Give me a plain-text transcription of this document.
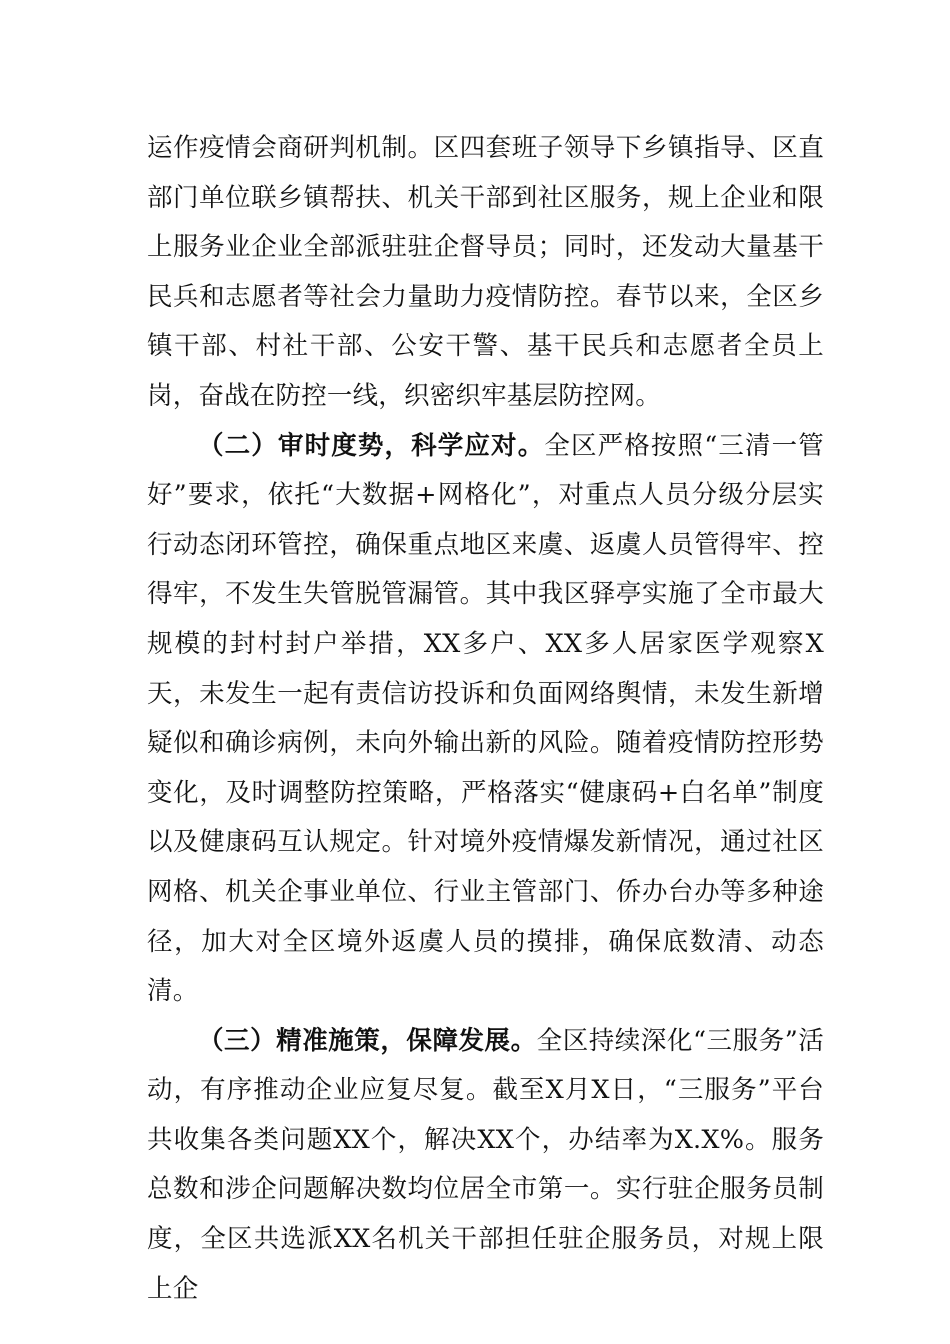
运作疫情会商研判机制。区四套班子领导下乡镇指导、区直部门单位联乡镇帮扶、机关干部到社区服务，规上企业和限上服务业企业全部派驻驻企督导员；同时，还发动大量基干民兵和志愿者等社会力量助力疫情防控。春节以来，全区乡镇干部、村社干部、公安干警、基干民兵和志愿者全员上岗，奋战在防控一线，织密织牢基层防控网。

（二）审时度势，科学应对。全区严格按照“三清一管好”要求，依托“大数据+网格化”，对重点人员分级分层实行动态闭环管控，确保重点地区来虞、返虞人员管得牢、控得牢，不发生失管脱管漏管。其中我区驿亭实施了全市最大规模的封村封户举措，XX多户、XX多人居家医学观察X天，未发生一起有责信访投诉和负面网络舆情，未发生新增疑似和确诊病例，未向外输出新的风险。随着疫情防控形势变化，及时调整防控策略，严格落实“健康码+白名单”制度以及健康码互认规定。针对境外疫情爆发新情况，通过社区网格、机关企事业单位、行业主管部门、侨办台办等多种途径，加大对全区境外返虞人员的摸排，确保底数清、动态清。

（三）精准施策，保障发展。全区持续深化“三服务”活动，有序推动企业应复尽复。截至X月X日，“三服务”平台共收集各类问题XX个，解决XX个，办结率为X.X%。服务总数和涉企问题解决数均位居全市第一。实行驻企服务员制度，全区共选派XX名机关干部担任驻企服务员，对规上限上企
